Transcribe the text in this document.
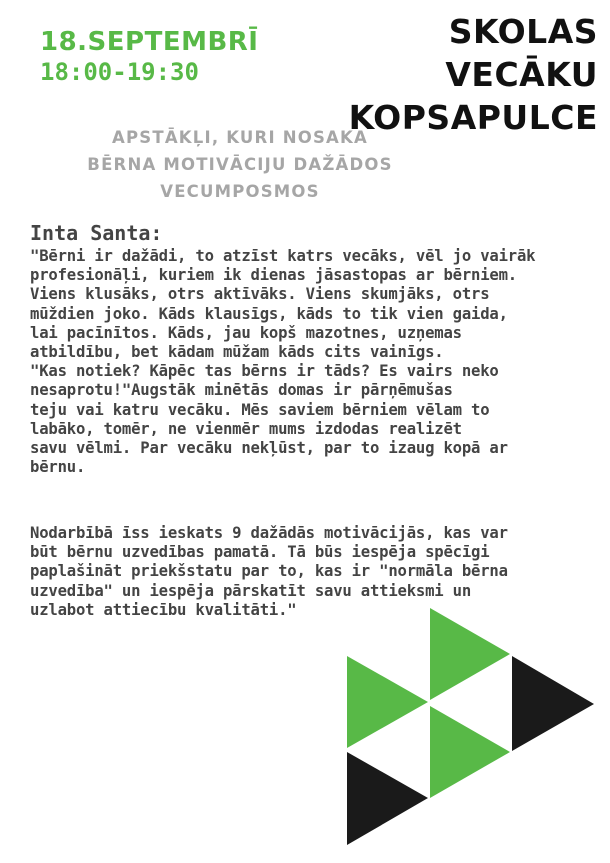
18.SEPTEMBRĪ
18:00-19:30
SKOLAS
VECĀKU
KOPSAPULCE
APSTĀKĻI, KURI NOSAKA
BĒRNA MOTIVĀCIJU DAŽĀDOS
VECUMPOSMOS
Inta Santa:
"Bērni ir dažādi, to atzīst katrs vecāks, vēl jo vairāk
profesionāļi, kuriem ik dienas jāsastopas ar bērniem.
Viens klusāks, otrs aktīvāks. Viens skumjāks, otrs
mūždien joko. Kāds klausīgs, kāds to tik vien gaida,
lai pacīnītos. Kāds, jau kopš mazotnes, uzņemas
atbildību, bet kādam mūžam kāds cits vainīgs.
"Kas notiek? Kāpēc tas bērns ir tāds? Es vairs neko
nesaprotu!"Augstāk minētās domas ir pārņēmušas
teju vai katru vecāku. Mēs saviem bērniem vēlam to
labāko, tomēr, ne vienmēr mums izdodas realizēt
savu vēlmi. Par vecāku nekļūst, par to izaug kopā ar
bērnu.
Nodarbībā īss ieskats 9 dažādās motivācijās, kas var
būt bērnu uzvedības pamatā. Tā būs iespēja spēcīgi
paplašināt priekšstatu par to, kas ir "normāla bērna
uzvedība" un iespēja pārskatīt savu attieksmi un
uzlabot attiecību kvalitāti."
